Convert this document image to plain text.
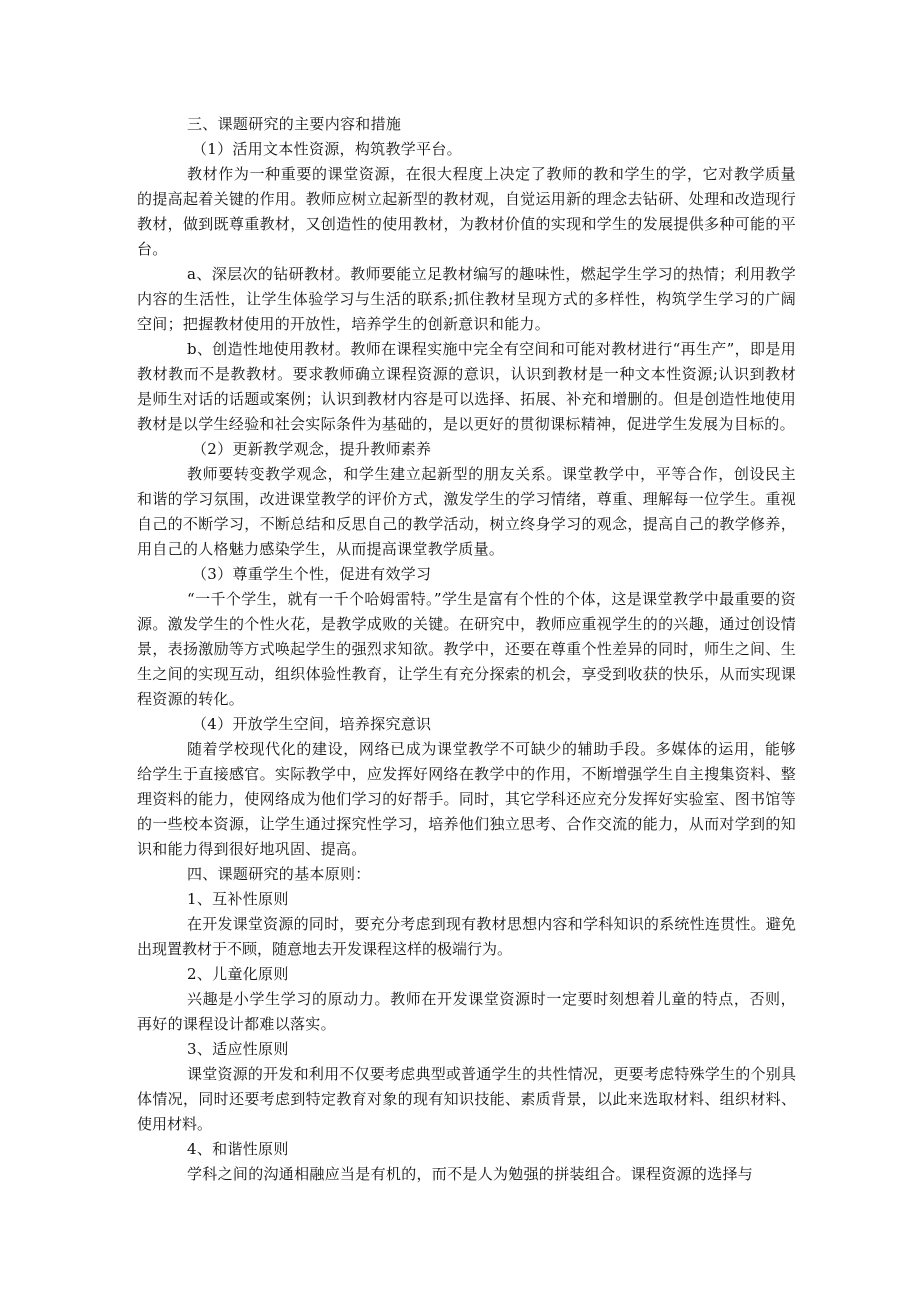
三、课题研究的主要内容和措施

（1）活用文本性资源，构筑教学平台。

教材作为一种重要的课堂资源，在很大程度上决定了教师的教和学生的学，它对教学质量的提高起着关键的作用。教师应树立起新型的教材观，自觉运用新的理念去钻研、处理和改造现行教材，做到既尊重教材，又创造性的使用教材，为教材价值的实现和学生的发展提供多种可能的平台。

a、深层次的钻研教材。教师要能立足教材编写的趣味性，燃起学生学习的热情；利用教学内容的生活性，让学生体验学习与生活的联系;抓住教材呈现方式的多样性，构筑学生学习的广阔空间；把握教材使用的开放性，培养学生的创新意识和能力。

b、创造性地使用教材。教师在课程实施中完全有空间和可能对教材进行“再生产”，即是用教材教而不是教教材。要求教师确立课程资源的意识，认识到教材是一种文本性资源;认识到教材是师生对话的话题或案例；认识到教材内容是可以选择、拓展、补充和增删的。但是创造性地使用教材是以学生经验和社会实际条件为基础的，是以更好的贯彻课标精神，促进学生发展为目标的。

（2）更新教学观念，提升教师素养

教师要转变教学观念，和学生建立起新型的朋友关系。课堂教学中，平等合作，创设民主和谐的学习氛围，改进课堂教学的评价方式，激发学生的学习情绪，尊重、理解每一位学生。重视自己的不断学习，不断总结和反思自己的教学活动，树立终身学习的观念，提高自己的教学修养，用自己的人格魅力感染学生，从而提高课堂教学质量。

（3）尊重学生个性，促进有效学习

“一千个学生，就有一千个哈姆雷特。”学生是富有个性的个体，这是课堂教学中最重要的资源。激发学生的个性火花，是教学成败的关键。在研究中，教师应重视学生的的兴趣，通过创设情景，表扬激励等方式唤起学生的强烈求知欲。教学中，还要在尊重个性差异的同时，师生之间、生生之间的实现互动，组织体验性教育，让学生有充分探索的机会，享受到收获的快乐，从而实现课程资源的转化。

（4）开放学生空间，培养探究意识

随着学校现代化的建设，网络已成为课堂教学不可缺少的辅助手段。多媒体的运用，能够给学生于直接感官。实际教学中，应发挥好网络在教学中的作用，不断增强学生自主搜集资料、整理资料的能力，使网络成为他们学习的好帮手。同时，其它学科还应充分发挥好实验室、图书馆等的一些校本资源，让学生通过探究性学习，培养他们独立思考、合作交流的能力，从而对学到的知识和能力得到很好地巩固、提高。

四、课题研究的基本原则：

1、互补性原则

在开发课堂资源的同时，要充分考虑到现有教材思想内容和学科知识的系统性连贯性。避免出现置教材于不顾，随意地去开发课程这样的极端行为。

2、儿童化原则

兴趣是小学生学习的原动力。教师在开发课堂资源时一定要时刻想着儿童的特点，否则，再好的课程设计都难以落实。

3、适应性原则

课堂资源的开发和利用不仅要考虑典型或普通学生的共性情况，更要考虑特殊学生的个别具体情况，同时还要考虑到特定教育对象的现有知识技能、素质背景，以此来选取材料、组织材料、使用材料。

4、和谐性原则

学科之间的沟通相融应当是有机的，而不是人为勉强的拼装组合。课程资源的选择与
